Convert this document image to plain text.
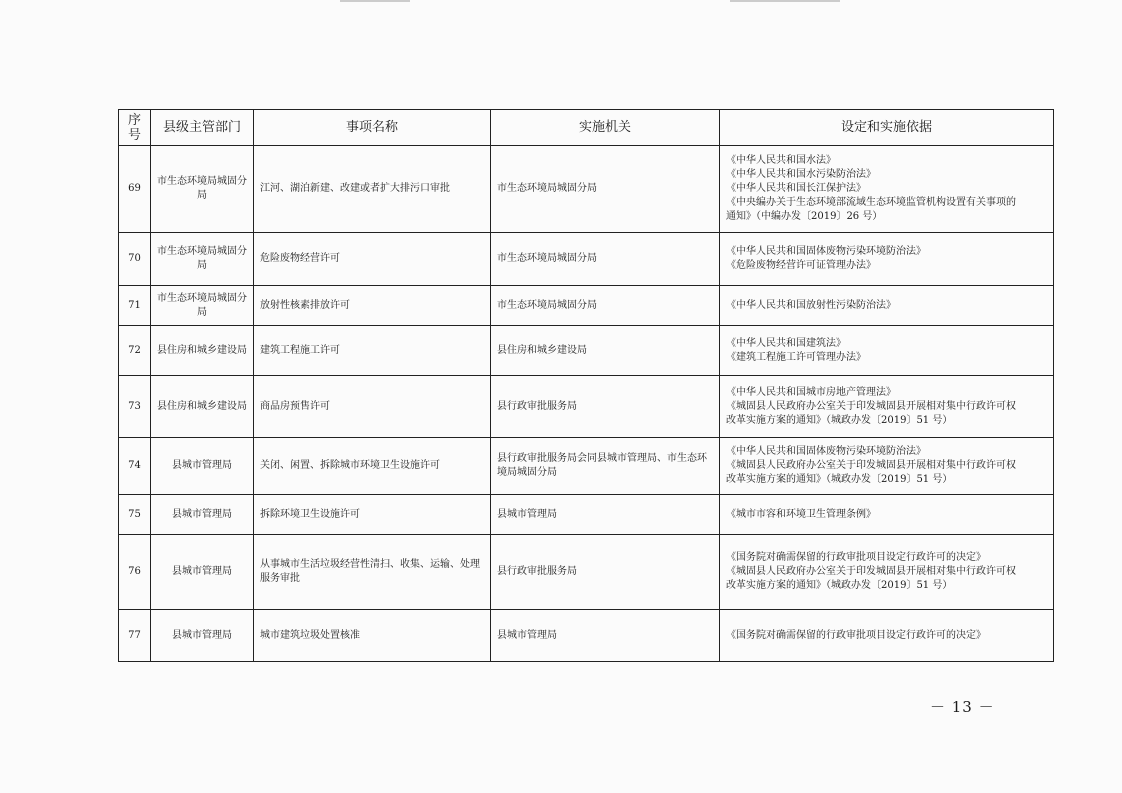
序号	县级主管部门	事项名称	实施机关	设定和实施依据
69	市生态环境局城固分局	江河、湖泊新建、改建或者扩大排污口审批	市生态环境局城固分局	《中华人民共和国水法》
《中华人民共和国水污染防治法》
《中华人民共和国长江保护法》
《中央编办关于生态环境部流域生态环境监管机构设置有关事项的
通知》（中编办发〔2019〕26 号）

70	市生态环境局城固分局	危险废物经营许可	市生态环境局城固分局	《中华人民共和国固体废物污染环境防治法》
《危险废物经营许可证管理办法》

71	市生态环境局城固分局	放射性核素排放许可	市生态环境局城固分局	《中华人民共和国放射性污染防治法》

72	县住房和城乡建设局	建筑工程施工许可	县住房和城乡建设局	《中华人民共和国建筑法》
《建筑工程施工许可管理办法》

73	县住房和城乡建设局	商品房预售许可	县行政审批服务局	《中华人民共和国城市房地产管理法》
《城固县人民政府办公室关于印发城固县开展相对集中行政许可权
改革实施方案的通知》（城政办发〔2019〕51 号）

74	县城市管理局	关闭、闲置、拆除城市环境卫生设施许可	县行政审批服务局会同县城市管理局、市生态环境局城固分局	《中华人民共和国固体废物污染环境防治法》
《城固县人民政府办公室关于印发城固县开展相对集中行政许可权
改革实施方案的通知》（城政办发〔2019〕51 号）

75	县城市管理局	拆除环境卫生设施许可	县城市管理局	《城市市容和环境卫生管理条例》

76	县城市管理局	从事城市生活垃圾经营性清扫、收集、运输、处理服务审批	县行政审批服务局	《国务院对确需保留的行政审批项目设定行政许可的决定》
《城固县人民政府办公室关于印发城固县开展相对集中行政许可权
改革实施方案的通知》（城政办发〔2019〕51 号）

77	县城市管理局	城市建筑垃圾处置核准	县城市管理局	《国务院对确需保留的行政审批项目设定行政许可的决定》
－ 13 －
